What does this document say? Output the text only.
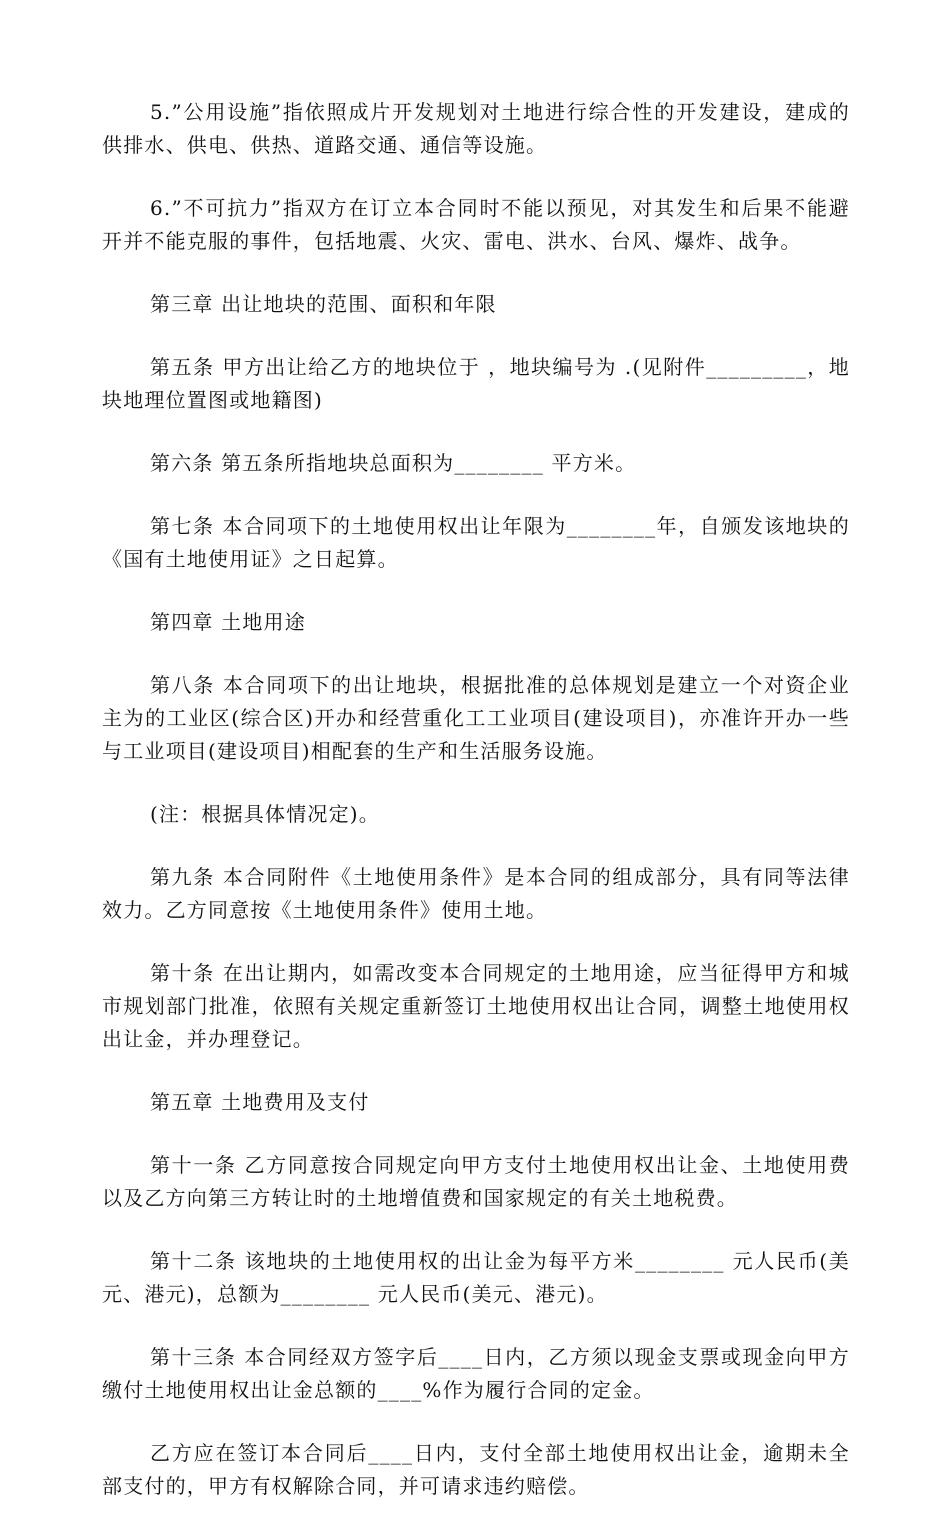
5.”公用设施”指依照成片开发规划对土地进行综合性的开发建设，建成的供排水、供电、供热、道路交通、通信等设施。

6.”不可抗力”指双方在订立本合同时不能以预见，对其发生和后果不能避开并不能克服的事件，包括地震、火灾、雷电、洪水、台风、爆炸、战争。

第三章 出让地块的范围、面积和年限

第五条 甲方出让给乙方的地块位于 ，地块编号为 .(见附件_________，地块地理位置图或地籍图)

第六条 第五条所指地块总面积为________ 平方米。

第七条 本合同项下的土地使用权出让年限为________年，自颁发该地块的《国有土地使用证》之日起算。

第四章 土地用途

第八条 本合同项下的出让地块，根据批准的总体规划是建立一个对资企业主为的工业区(综合区)开办和经营重化工工业项目(建设项目)，亦准许开办一些与工业项目(建设项目)相配套的生产和生活服务设施。

(注：根据具体情况定)。

第九条 本合同附件《土地使用条件》是本合同的组成部分，具有同等法律效力。乙方同意按《土地使用条件》使用土地。

第十条 在出让期内，如需改变本合同规定的土地用途，应当征得甲方和城市规划部门批准，依照有关规定重新签订土地使用权出让合同，调整土地使用权出让金，并办理登记。

第五章 土地费用及支付

第十一条 乙方同意按合同规定向甲方支付土地使用权出让金、土地使用费以及乙方向第三方转让时的土地增值费和国家规定的有关土地税费。

第十二条 该地块的土地使用权的出让金为每平方米________ 元人民币(美元、港元)，总额为________ 元人民币(美元、港元)。

第十三条 本合同经双方签字后____日内，乙方须以现金支票或现金向甲方缴付土地使用权出让金总额的____%作为履行合同的定金。

乙方应在签订本合同后____日内，支付全部土地使用权出让金，逾期未全部支付的，甲方有权解除合同，并可请求违约赔偿。
